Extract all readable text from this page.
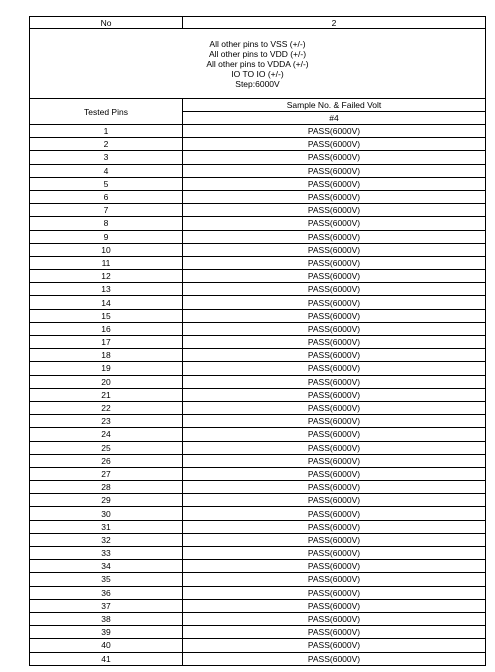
No	2

All other pins to VSS (+/-)
All other pins to VDD (+/-)
All other pins to VDDA (+/-)
IO TO IO (+/-)
Step:6000V	

Tested Pins	Sample No. & Failed Volt
	#4
1	PASS(6000V)
2	PASS(6000V)
3	PASS(6000V)
4	PASS(6000V)
5	PASS(6000V)
6	PASS(6000V)
7	PASS(6000V)
8	PASS(6000V)
9	PASS(6000V)
10	PASS(6000V)
11	PASS(6000V)
12	PASS(6000V)
13	PASS(6000V)
14	PASS(6000V)
15	PASS(6000V)
16	PASS(6000V)
17	PASS(6000V)
18	PASS(6000V)
19	PASS(6000V)
20	PASS(6000V)
21	PASS(6000V)
22	PASS(6000V)
23	PASS(6000V)
24	PASS(6000V)
25	PASS(6000V)
26	PASS(6000V)
27	PASS(6000V)
28	PASS(6000V)
29	PASS(6000V)
30	PASS(6000V)
31	PASS(6000V)
32	PASS(6000V)
33	PASS(6000V)
34	PASS(6000V)
35	PASS(6000V)
36	PASS(6000V)
37	PASS(6000V)
38	PASS(6000V)
39	PASS(6000V)
40	PASS(6000V)
41	PASS(6000V)
